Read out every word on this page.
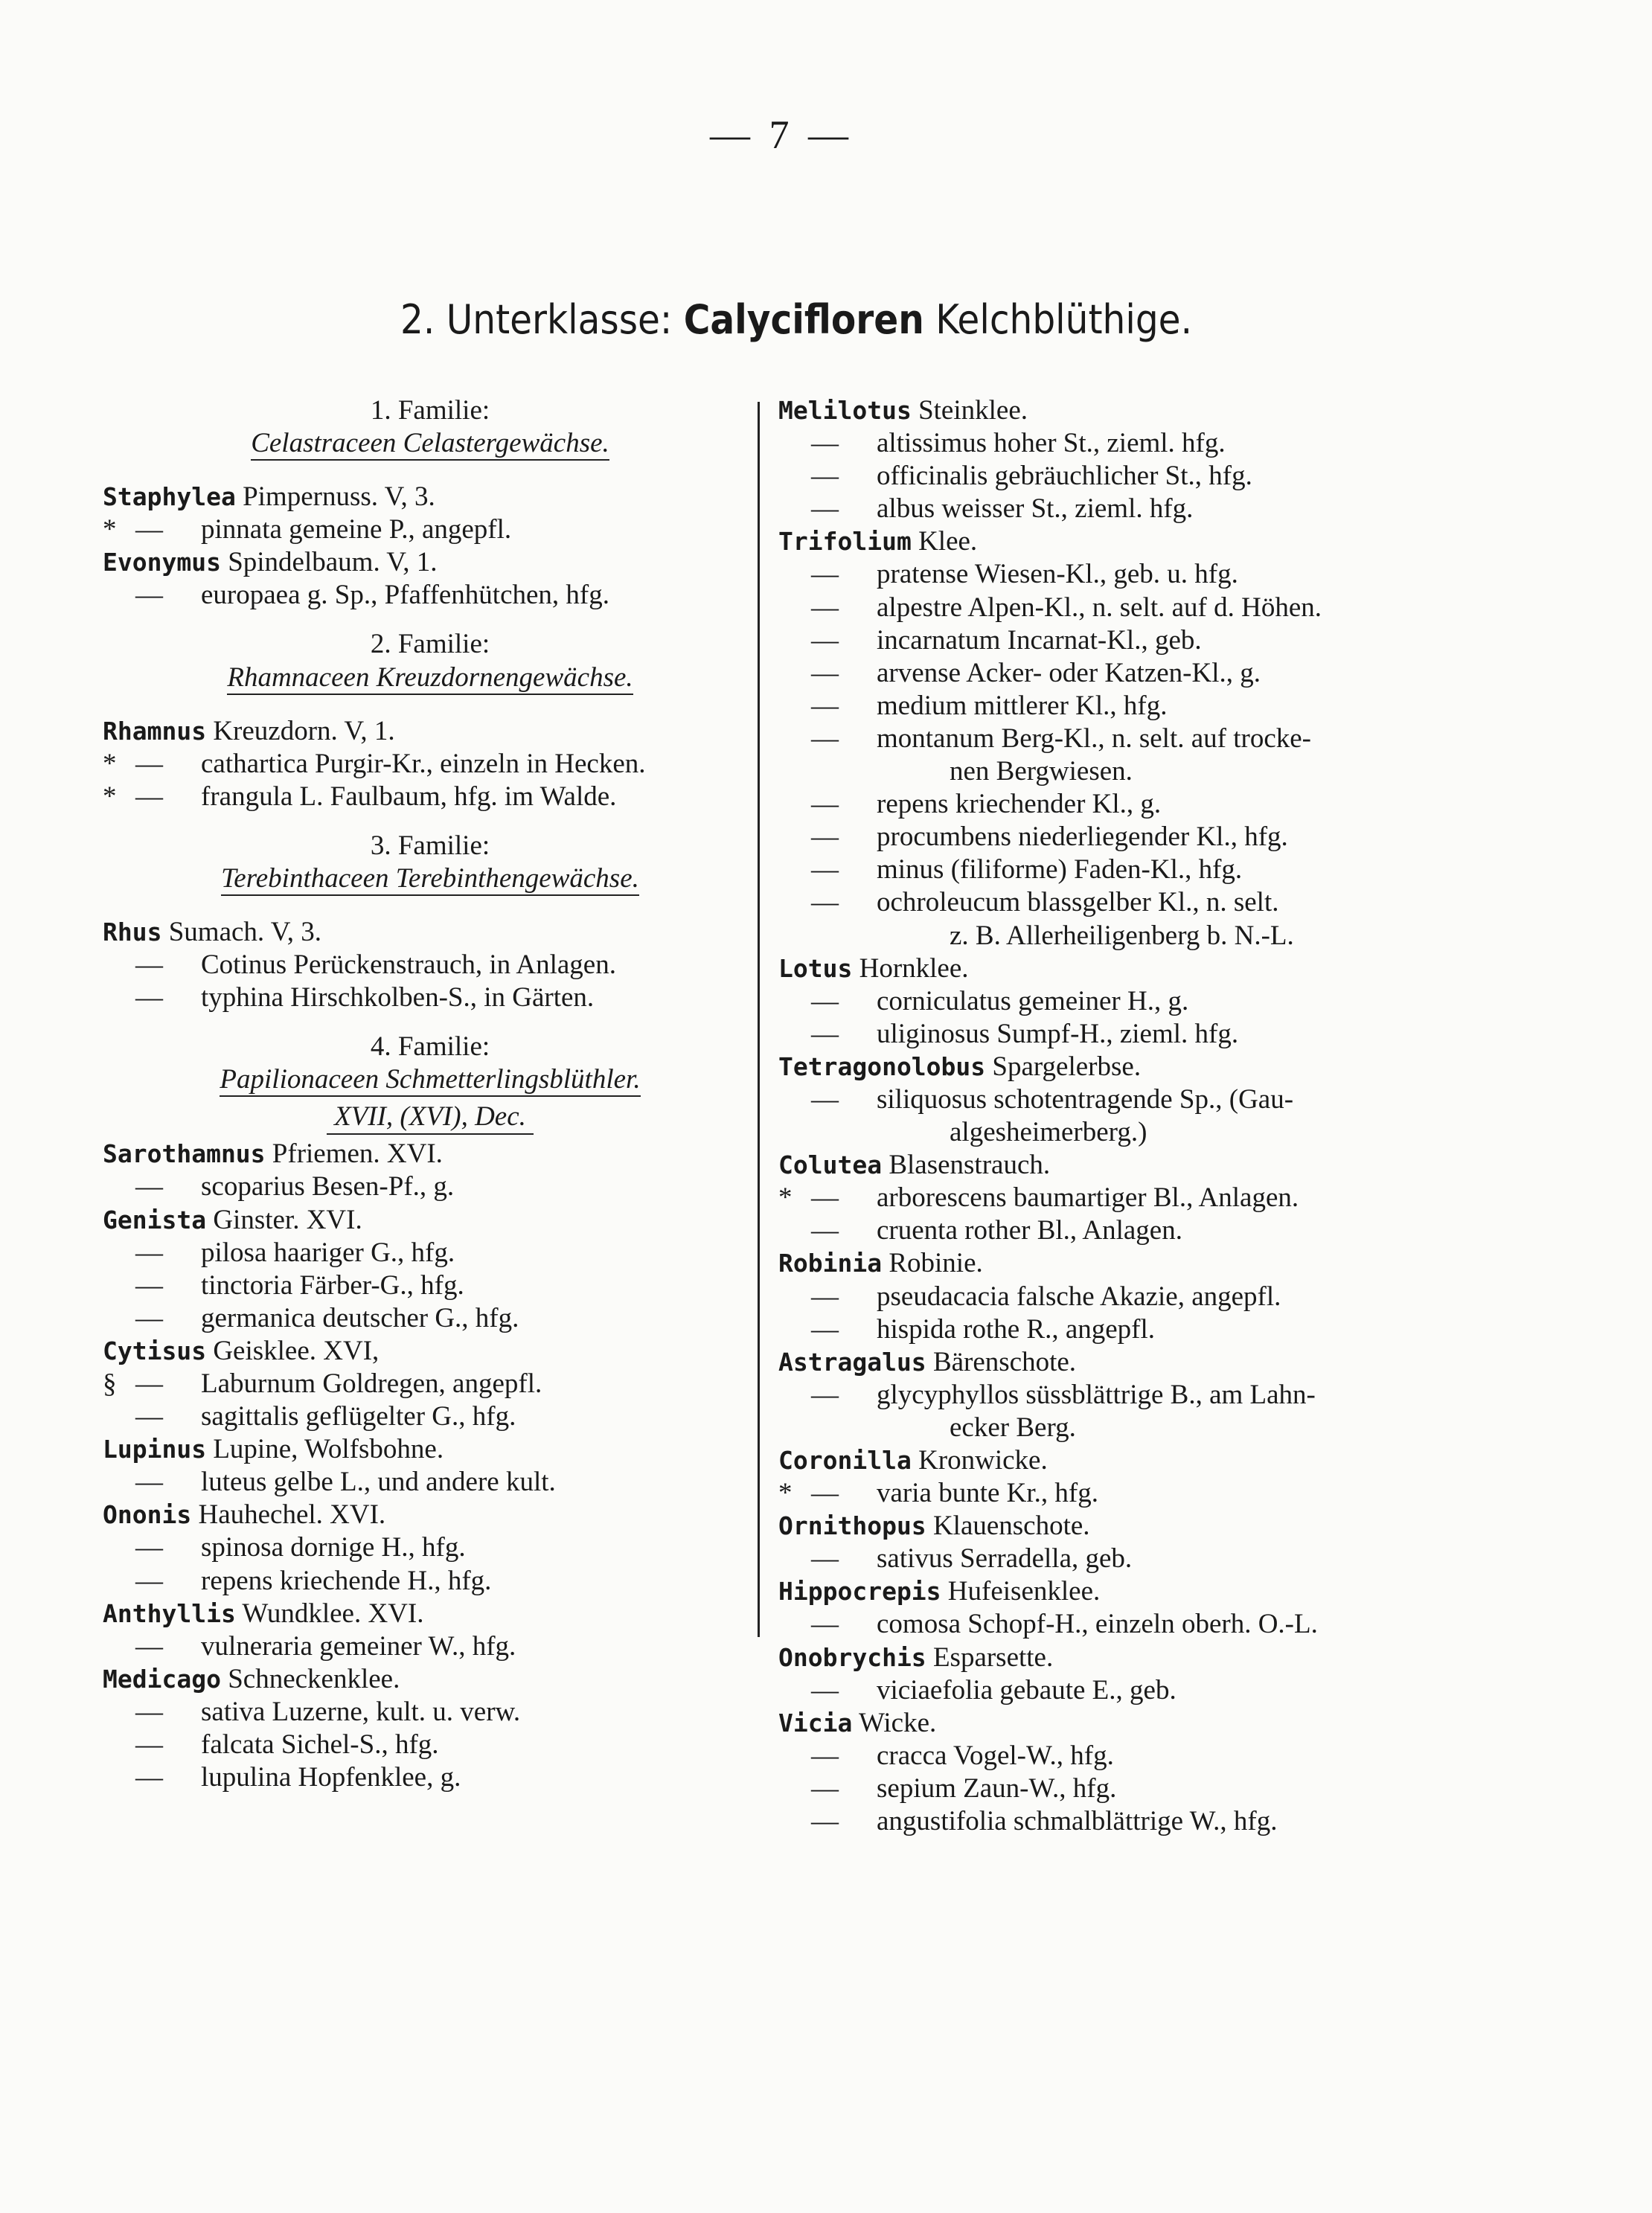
— 7 —
2. Unterklasse: Calycifloren Kelchblüthige.
1. Familie:
Celastraceen Celastergewächse.
Staphylea Pimpernuss. V, 3.
* — pinnata gemeine P., angepfl.
Evonymus Spindelbaum. V, 1.
— europaea g. Sp., Pfaffenhütchen, hfg.
2. Familie:
Rhamnaceen Kreuzdornengewächse.
Rhamnus Kreuzdorn. V, 1.
* — cathartica Purgir-Kr., einzeln in Hecken.
* — frangula L. Faulbaum, hfg. im Walde.
3. Familie:
Terebinthaceen Terebinthengewächse.
Rhus Sumach. V, 3.
— Cotinus Perückenstrauch, in Anlagen.
— typhina Hirschkolben-S., in Gärten.
4. Familie:
Papilionaceen Schmetterlingsblüthler.
XVII, (XVI), Dec.
Sarothamnus Pfriemen. XVI.
— scoparius Besen-Pf., g.
Genista Ginster. XVI.
— pilosa haariger G., hfg.
— tinctoria Färber-G., hfg.
— germanica deutscher G., hfg.
Cytisus Geisklee. XVI,
§ — Laburnum Goldregen, angepfl.
— sagittalis geflügelter G., hfg.
Lupinus Lupine, Wolfsbohne.
— luteus gelbe L., und andere kult.
Ononis Hauhechel. XVI.
— spinosa dornige H., hfg.
— repens kriechende H., hfg.
Anthyllis Wundklee. XVI.
— vulneraria gemeiner W., hfg.
Medicago Schneckenklee.
— sativa Luzerne, kult. u. verw.
— falcata Sichel-S., hfg.
— lupulina Hopfenklee, g.
Melilotus Steinklee.
— altissimus hoher St., zieml. hfg.
— officinalis gebräuchlicher St., hfg.
— albus weisser St., zieml. hfg.
Trifolium Klee.
— pratense Wiesen-Kl., geb. u. hfg.
— alpestre Alpen-Kl., n. selt. auf d. Höhen.
— incarnatum Incarnat-Kl., geb.
— arvense Acker- oder Katzen-Kl., g.
— medium mittlerer Kl., hfg.
— montanum Berg-Kl., n. selt. auf trocke-
nen Bergwiesen.
— repens kriechender Kl., g.
— procumbens niederliegender Kl., hfg.
— minus (filiforme) Faden-Kl., hfg.
— ochroleucum blassgelber Kl., n. selt.
z. B. Allerheiligenberg b. N.-L.
Lotus Hornklee.
— corniculatus gemeiner H., g.
— uliginosus Sumpf-H., zieml. hfg.
Tetragonolobus Spargelerbse.
— siliquosus schotentragende Sp., (Gau-
algesheimerberg.)
Colutea Blasenstrauch.
* — arborescens baumartiger Bl., Anlagen.
— cruenta rother Bl., Anlagen.
Robinia Robinie.
— pseudacacia falsche Akazie, angepfl.
— hispida rothe R., angepfl.
Astragalus Bärenschote.
— glycyphyllos süssblättrige B., am Lahn-
ecker Berg.
Coronilla Kronwicke.
* — varia bunte Kr., hfg.
Ornithopus Klauenschote.
— sativus Serradella, geb.
Hippocrepis Hufeisenklee.
— comosa Schopf-H., einzeln oberh. O.-L.
Onobrychis Esparsette.
— viciaefolia gebaute E., geb.
Vicia Wicke.
— cracca Vogel-W., hfg.
— sepium Zaun-W., hfg.
— angustifolia schmalblättrige W., hfg.
